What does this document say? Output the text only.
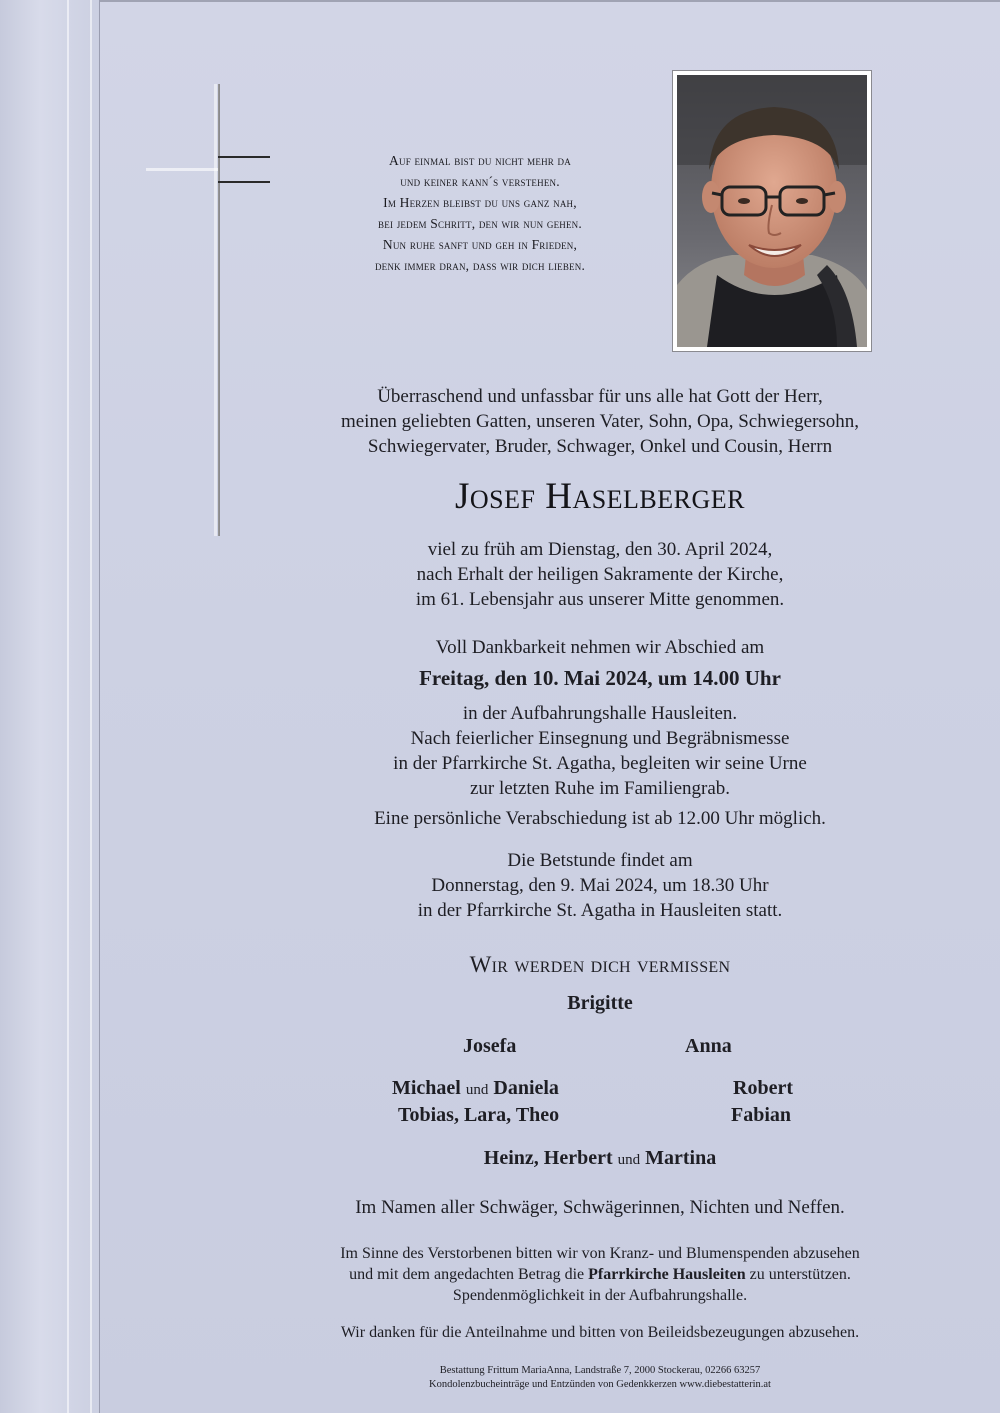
Auf einmal bist du nicht mehr da
und keiner kann´s verstehen.
Im Herzen bleibst du uns ganz nah,
bei jedem Schritt, den wir nun gehen.
Nun ruhe sanft und geh in Frieden,
denk immer dran, dass wir dich lieben.
Überraschend und unfassbar für uns alle hat Gott der Herr,
meinen geliebten Gatten, unseren Vater, Sohn, Opa, Schwiegersohn,
Schwiegervater, Bruder, Schwager, Onkel und Cousin, Herrn
Josef Haselberger
viel zu früh am Dienstag, den 30. April 2024,
nach Erhalt der heiligen Sakramente der Kirche,
im 61. Lebensjahr aus unserer Mitte genommen.
Voll Dankbarkeit nehmen wir Abschied am
Freitag, den 10. Mai 2024, um 14.00 Uhr
in der Aufbahrungshalle Hausleiten.
Nach feierlicher Einsegnung und Begräbnismesse
in der Pfarrkirche St. Agatha, begleiten wir seine Urne
zur letzten Ruhe im Familiengrab.
Eine persönliche Verabschiedung ist ab 12.00 Uhr möglich.
Die Betstunde findet am
Donnerstag, den 9. Mai 2024, um 18.30 Uhr
in der Pfarrkirche St. Agatha in Hausleiten statt.
Wir werden dich vermissen
Brigitte
Josefa	Anna
Michael und Daniela
Tobias, Lara, Theo
Robert
Fabian
Heinz, Herbert und Martina
Im Namen aller Schwäger, Schwägerinnen, Nichten und Neffen.
Im Sinne des Verstorbenen bitten wir von Kranz- und Blumenspenden abzusehen
und mit dem angedachten Betrag die Pfarrkirche Hausleiten zu unterstützen.
Spendenmöglichkeit in der Aufbahrungshalle.
Wir danken für die Anteilnahme und bitten von Beileidsbezeugungen abzusehen.
Bestattung Frittum MariaAnna, Landstraße 7, 2000 Stockerau, 02266 63257
Kondolenzbucheinträge und Entzünden von Gedenkkerzen www.diebestatterin.at
